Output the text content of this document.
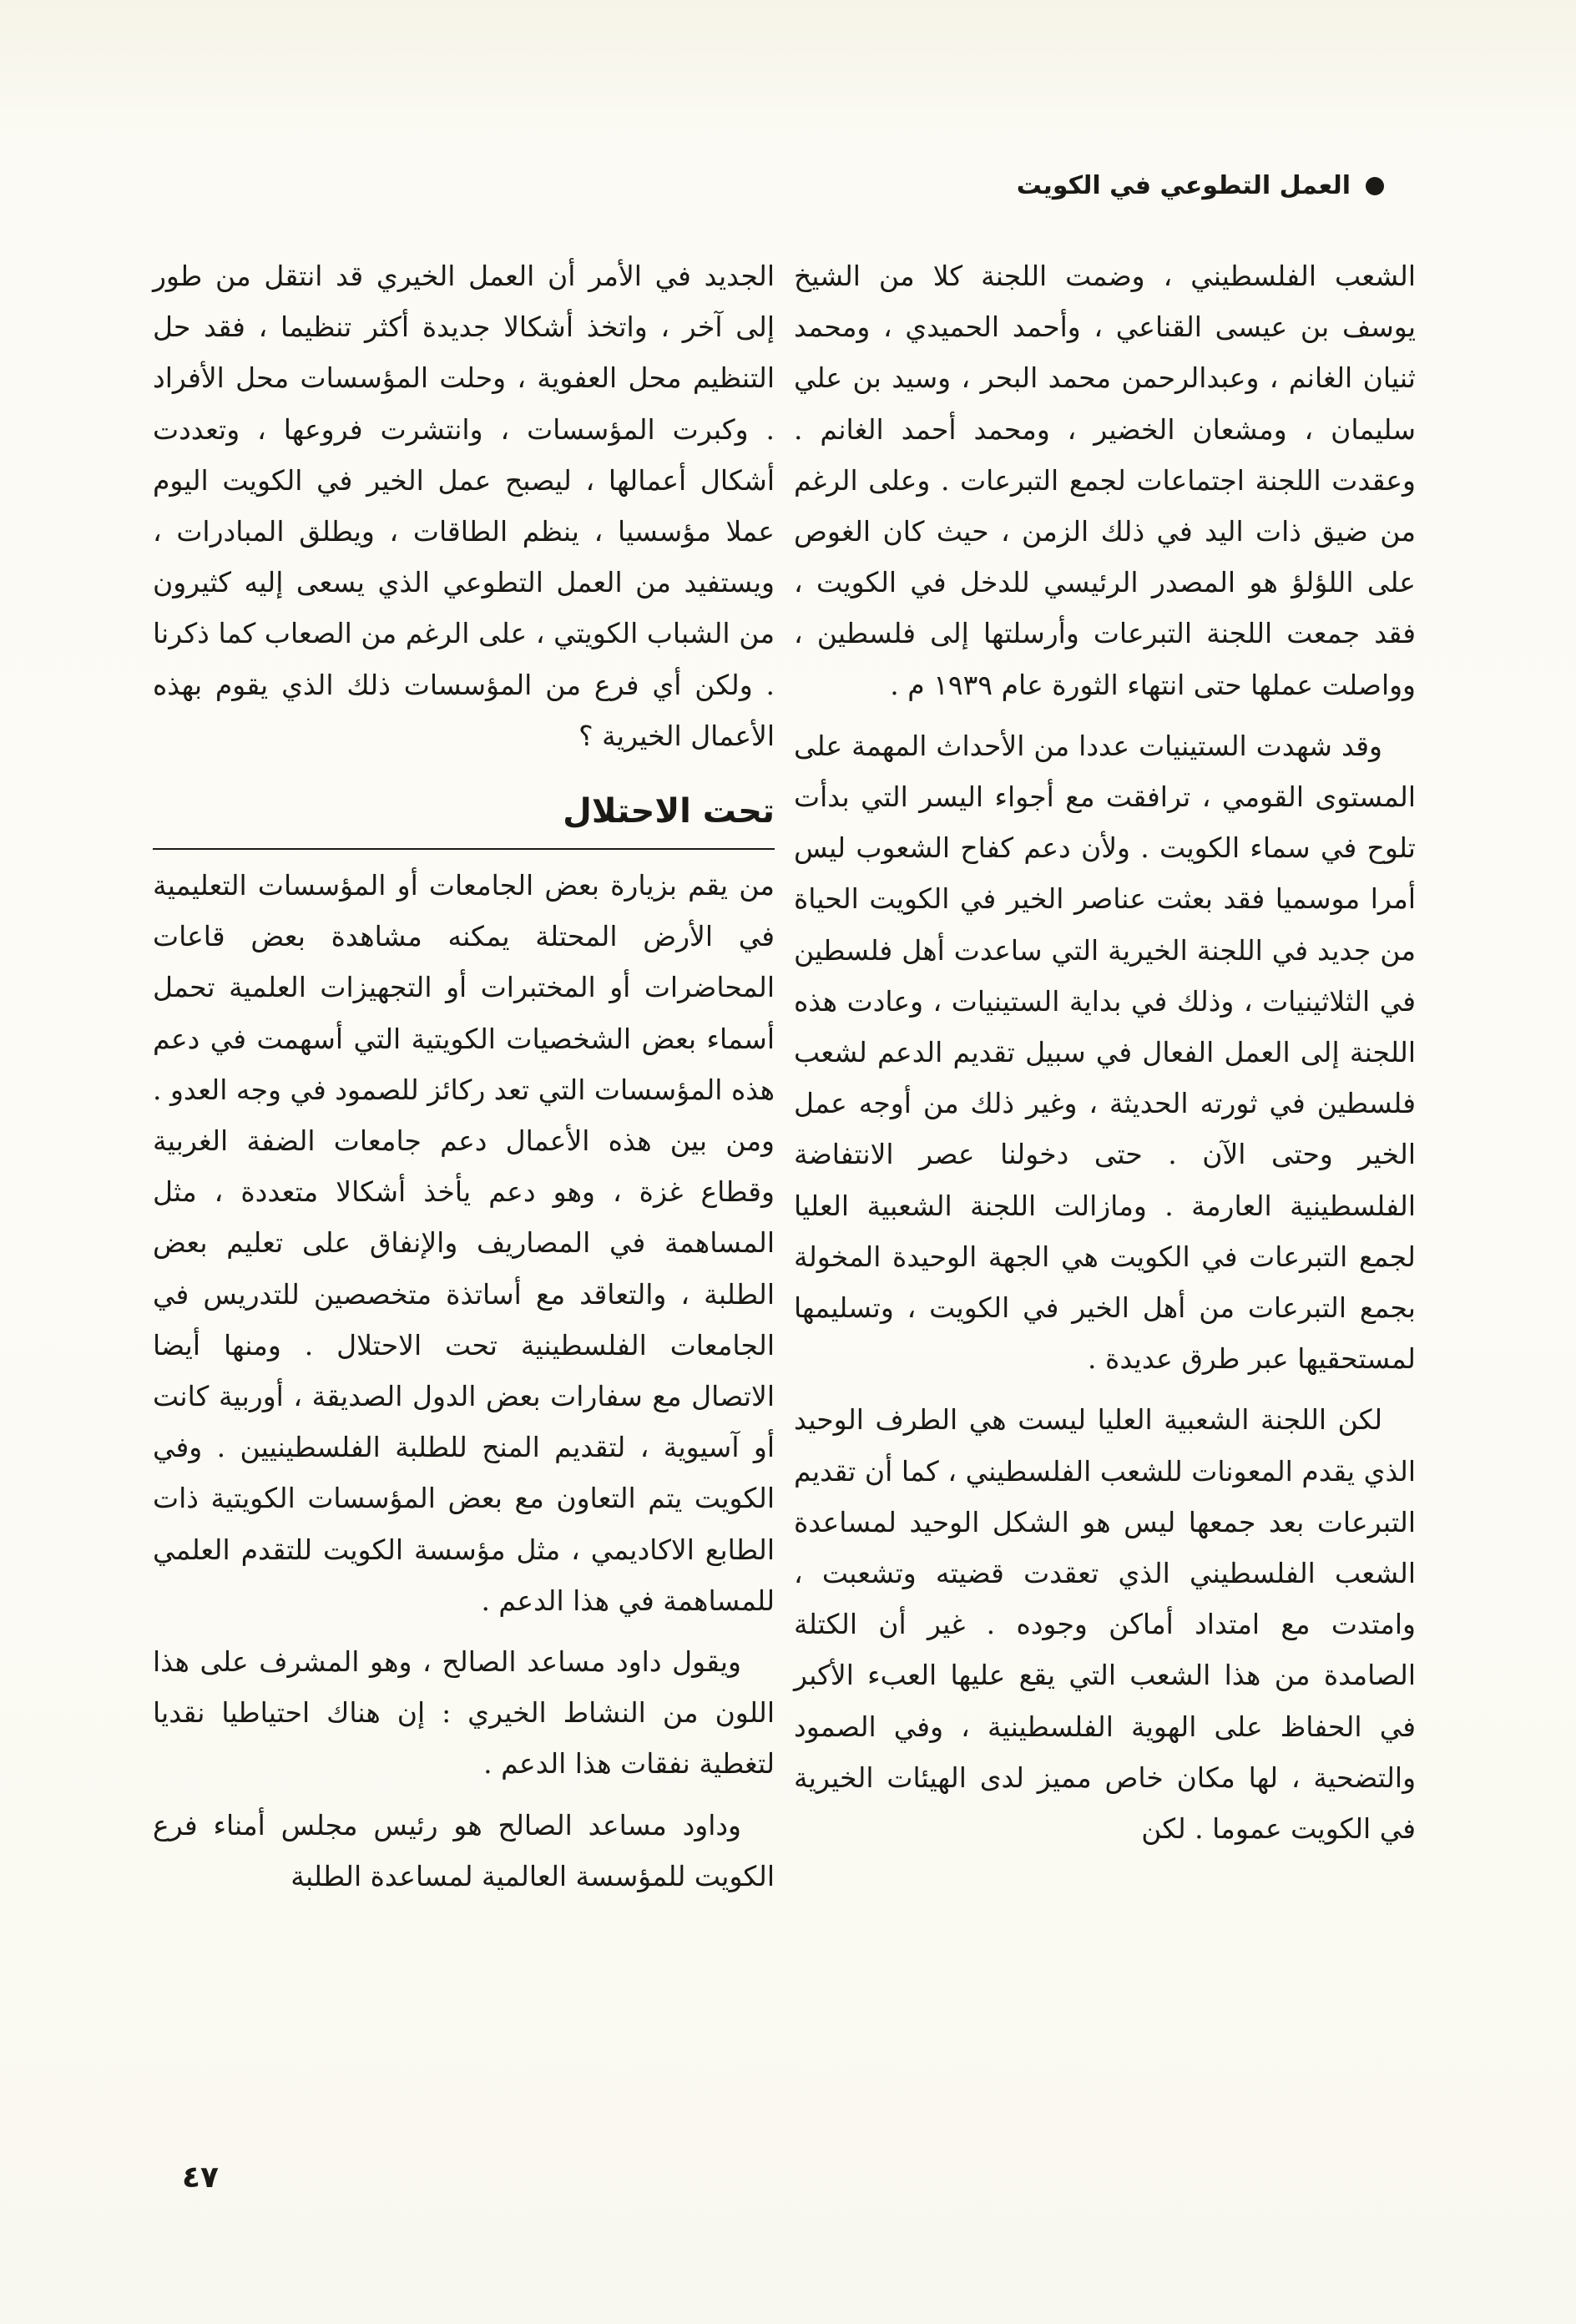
العمل التطوعي في الكويت

الشعب الفلسطيني ، وضمت اللجنة كلا من الشيخ يوسف بن عيسى القناعي ، وأحمد الحميدي ، ومحمد ثنيان الغانم ، وعبدالرحمن محمد البحر ، وسيد بن علي سليمان ، ومشعان الخضير ، ومحمد أحمد الغانم . وعقدت اللجنة اجتماعات لجمع التبرعات . وعلى الرغم من ضيق ذات اليد في ذلك الزمن ، حيث كان الغوص على اللؤلؤ هو المصدر الرئيسي للدخل في الكويت ، فقد جمعت اللجنة التبرعات وأرسلتها إلى فلسطين ، وواصلت عملها حتى انتهاء الثورة عام ١٩٣٩ م .

وقد شهدت الستينيات عددا من الأحداث المهمة على المستوى القومي ، ترافقت مع أجواء اليسر التي بدأت تلوح في سماء الكويت . ولأن دعم كفاح الشعوب ليس أمرا موسميا فقد بعثت عناصر الخير في الكويت الحياة من جديد في اللجنة الخيرية التي ساعدت أهل فلسطين في الثلاثينيات ، وذلك في بداية الستينيات ، وعادت هذه اللجنة إلى العمل الفعال في سبيل تقديم الدعم لشعب فلسطين في ثورته الحديثة ، وغير ذلك من أوجه عمل الخير وحتى الآن . حتى دخولنا عصر الانتفاضة الفلسطينية العارمة . ومازالت اللجنة الشعبية العليا لجمع التبرعات في الكويت هي الجهة الوحيدة المخولة بجمع التبرعات من أهل الخير في الكويت ، وتسليمها لمستحقيها عبر طرق عديدة .

لكن اللجنة الشعبية العليا ليست هي الطرف الوحيد الذي يقدم المعونات للشعب الفلسطيني ، كما أن تقديم التبرعات بعد جمعها ليس هو الشكل الوحيد لمساعدة الشعب الفلسطيني الذي تعقدت قضيته وتشعبت ، وامتدت مع امتداد أماكن وجوده . غير أن الكتلة الصامدة من هذا الشعب التي يقع عليها العبء الأكبر في الحفاظ على الهوية الفلسطينية ، وفي الصمود والتضحية ، لها مكان خاص مميز لدى الهيئات الخيرية في الكويت عموما . لكن

الجديد في الأمر أن العمل الخيري قد انتقل من طور إلى آخر ، واتخذ أشكالا جديدة أكثر تنظيما ، فقد حل التنظيم محل العفوية ، وحلت المؤسسات محل الأفراد . وكبرت المؤسسات ، وانتشرت فروعها ، وتعددت أشكال أعمالها ، ليصبح عمل الخير في الكويت اليوم عملا مؤسسيا ، ينظم الطاقات ، ويطلق المبادرات ، ويستفيد من العمل التطوعي الذي يسعى إليه كثيرون من الشباب الكويتي ، على الرغم من الصعاب كما ذكرنا . ولكن أي فرع من المؤسسات ذلك الذي يقوم بهذه الأعمال الخيرية ؟

تحت الاحتلال

من يقم بزيارة بعض الجامعات أو المؤسسات التعليمية في الأرض المحتلة يمكنه مشاهدة بعض قاعات المحاضرات أو المختبرات أو التجهيزات العلمية تحمل أسماء بعض الشخصيات الكويتية التي أسهمت في دعم هذه المؤسسات التي تعد ركائز للصمود في وجه العدو . ومن بين هذه الأعمال دعم جامعات الضفة الغربية وقطاع غزة ، وهو دعم يأخذ أشكالا متعددة ، مثل المساهمة في المصاريف والإنفاق على تعليم بعض الطلبة ، والتعاقد مع أساتذة متخصصين للتدريس في الجامعات الفلسطينية تحت الاحتلال . ومنها أيضا الاتصال مع سفارات بعض الدول الصديقة ، أوربية كانت أو آسيوية ، لتقديم المنح للطلبة الفلسطينيين . وفي الكويت يتم التعاون مع بعض المؤسسات الكويتية ذات الطابع الاكاديمي ، مثل مؤسسة الكويت للتقدم العلمي للمساهمة في هذا الدعم .

ويقول داود مساعد الصالح ، وهو المشرف على هذا اللون من النشاط الخيري : إن هناك احتياطيا نقديا لتغطية نفقات هذا الدعم .

وداود مساعد الصالح هو رئيس مجلس أمناء فرع الكويت للمؤسسة العالمية لمساعدة الطلبة

٤٧
